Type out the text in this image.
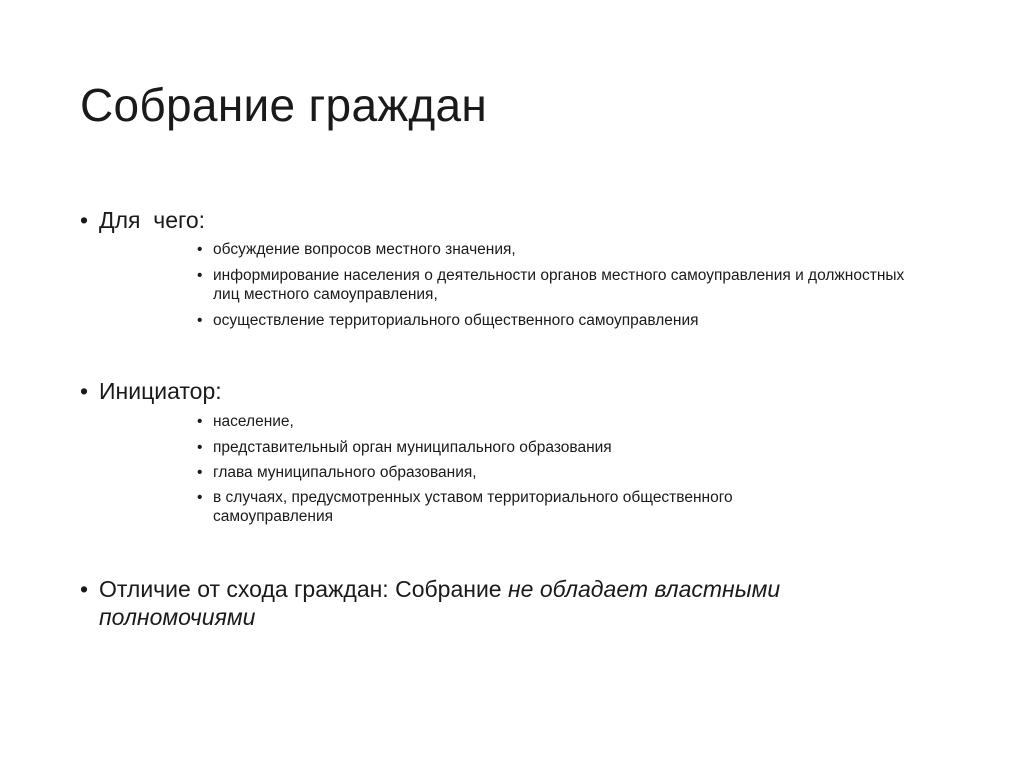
Собрание граждан
• Для  чего:
• обсуждение вопросов местного значения,
• информирование населения о деятельности органов местного самоуправления и должностных лиц местного самоуправления,
• осуществление территориального общественного самоуправления
• Инициатор:
• население,
• представительный орган муниципального образования
• глава муниципального образования,
• в случаях, предусмотренных уставом территориального общественного самоуправления
• Отличие от схода граждан: Собрание не обладает властными полномочиями
